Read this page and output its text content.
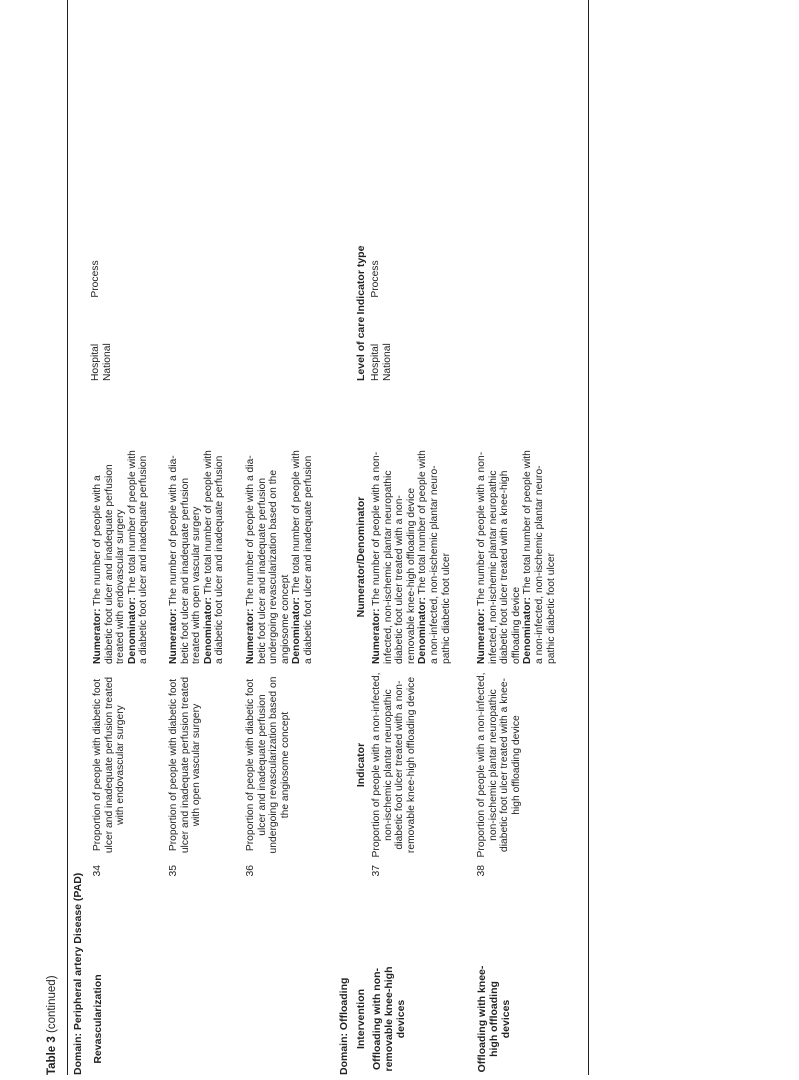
Table 3 (continued) Domain: Peripheral artery Disease (PAD) Revascularization
Hospital National
Process
34
Proportion of people with diabetic foot ulcer and inadequate perfusion treated with endovascular surgery
Numerator: The number of people with a diabetic foot ulcer and inadequate perfusion treated with endovascular surgery
Denominator: The total number of people with a diabetic foot ulcer and inadequate perfusion
35
Proportion of people with diabetic foot ulcer and inadequate perfusion treated with open vascular surgery
Numerator: The number of people with a diabetic foot ulcer and inadequate perfusion treated with open vascular surgery
Denominator: The total number of people with a diabetic foot ulcer and inadequate perfusion
36
Proportion of people with diabetic foot ulcer and inadequate perfusion undergoing revascularization based on the angiosome concept
Numerator: The number of people with a diabetic foot ulcer and inadequate perfusion undergoing revascularization based on the angiosome concept
Denominator: The total number of people with a diabetic foot ulcer and inadequate perfusion
Domain: Offloading Intervention
Indicator
Numerator/Denominator
Level of care
Indicator type
Hospital National
Process
Offloading with non-removable knee-high devices
37
Proportion of people with a non-infected, non-ischemic plantar neuropathic diabetic foot ulcer treated with a non-removable knee-high offloading device
Numerator: The number of people with a non-infected, non-ischemic plantar neuropathic diabetic foot ulcer treated with a non-removable knee-high offloading device
Denominator: The total number of people with a non-infected, non-ischemic plantar neuropathic diabetic foot ulcer
Offloading with knee-high offloading devices
38
Proportion of people with a non-infected, non-ischemic plantar neuropathic diabetic foot ulcer treated with a knee-high offloading device
Numerator: The number of people with a non-infected, non-ischemic plantar neuropathic diabetic foot ulcer treated with a knee-high offloading device
Denominator: The total number of people with a non-infected, non-ischemic plantar neuropathic diabetic foot ulcer
